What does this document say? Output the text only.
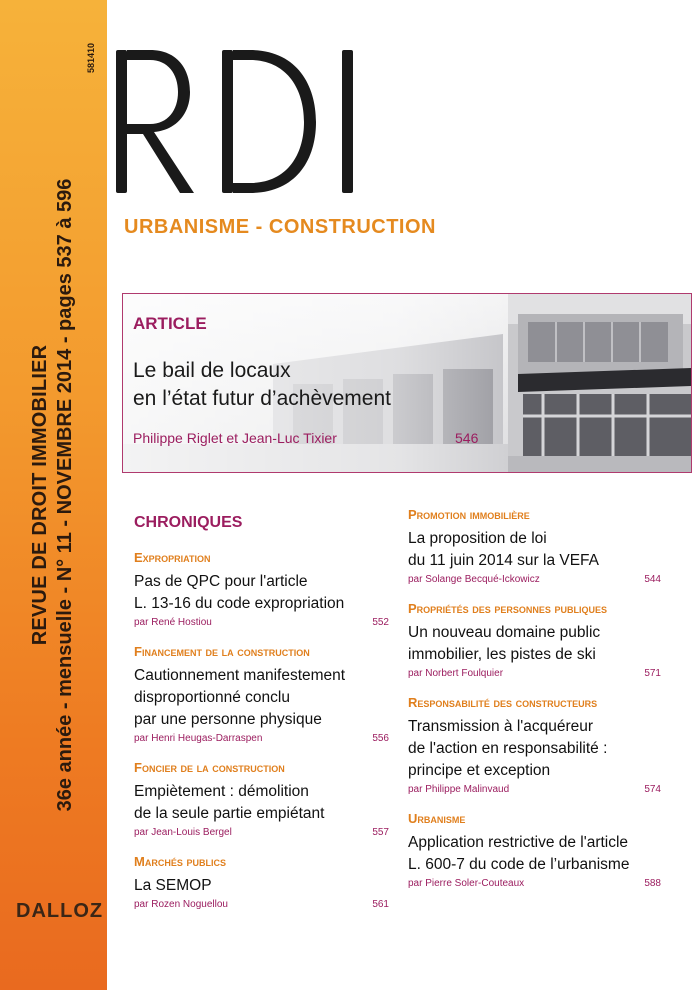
REVUE DE DROIT IMMOBILIER 36e année - mensuelle - N° 11 - NOVEMBRE 2014 - pages 537 à 596
581410
DALLOZ
URBANISME - CONSTRUCTION
ARTICLE
Le bail de locaux
en l’état futur d’achèvement
Philippe Riglet et Jean-Luc Tixier	546
CHRONIQUES
Expropriation
Pas de QPC pour l'article
L. 13-16 du code expropriation
par René Hostiou	552
Financement de la construction
Cautionnement manifestement
disproportionné conclu
par une personne physique
par Henri Heugas-Darraspen	556
Foncier de la construction
Empiètement : démolition
de la seule partie empiétant
par Jean-Louis Bergel	557
Marchés publics
La SEMOP
par Rozen Noguellou	561
Promotion immobilière
La proposition de loi
du 11 juin 2014 sur la VEFA
par Solange Becqué-Ickowicz	544
Propriétés des personnes publiques
Un nouveau domaine public
immobilier, les pistes de ski
par Norbert Foulquier	571
Responsabilité des constructeurs
Transmission à l'acquéreur
de l'action en responsabilité :
principe et exception
par Philippe Malinvaud	574
Urbanisme
Application restrictive de l'article
L. 600-7 du code de l’urbanisme
par Pierre Soler-Couteaux	588
